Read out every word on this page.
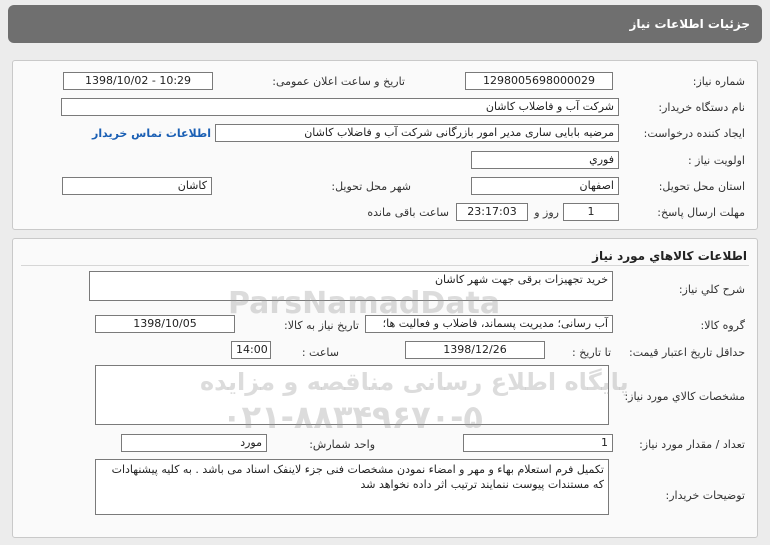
جزئیات اطلاعات نیاز
شماره نیاز:
1298005698000029
تاریخ و ساعت اعلان عمومی:
1398/10/02 - 10:29
نام دستگاه خریدار:
شرکت آب و فاضلاب کاشان
ایجاد کننده درخواست:
مرضیه بابایی ساری مدیر امور بازرگانی شرکت آب و فاضلاب کاشان
اطلاعات تماس خریدار
اولویت نیاز :
فوري
استان محل تحویل:
اصفهان
شهر محل تحویل:
کاشان
مهلت ارسال پاسخ:
1
روز و
23:17:03
ساعت باقی مانده
اطلاعات کالاهاي مورد نياز
شرح کلي نياز:
خرید تجهیزات برقی جهت شهر کاشان
گروه کالا:
آب رسانی؛ مدیریت پسماند، فاضلاب و فعالیت ها؛
تاریخ نیاز به کالا:
1398/10/05
حداقل تاریخ اعتبار قیمت:
تا تاریخ :
1398/12/26
ساعت :
14:00
مشخصات کالاي مورد نياز:
تعداد / مقدار مورد نیاز:
1
واحد شمارش:
مورد
توضیحات خریدار:
تکمیل فرم استعلام بهاء و مهر و امضاء نمودن مشخصات فنی جزء لاینفک اسناد می باشد . به کلیه پیشنهادات که مستندات پیوست ننمایند ترتیب اثر داده نخواهد شد
ParsNamadData
پایگاه اطلاع رسانی مناقصه و مزایده
۰۲۱-۸۸۳۴۹۶۷۰-۵
